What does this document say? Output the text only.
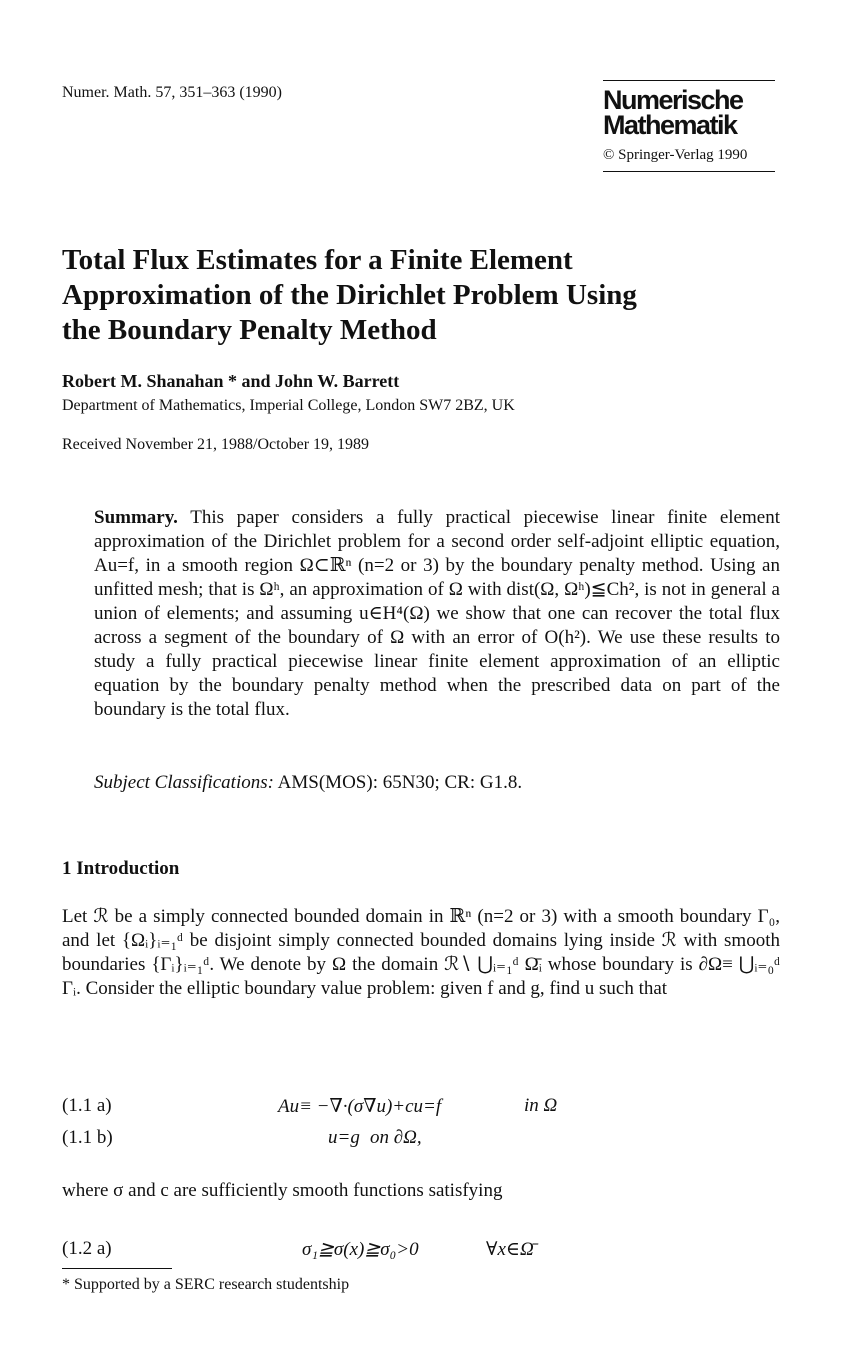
Numer. Math. 57, 351–363 (1990)	Numerische
Mathematik
© Springer-Verlag 1990
Total Flux Estimates for a Finite Element
Approximation of the Dirichlet Problem Using
the Boundary Penalty Method
Robert M. Shanahan * and John W. Barrett
Department of Mathematics, Imperial College, London SW7 2BZ, UK
Received November 21, 1988/October 19, 1989
Summary. This paper considers a fully practical piecewise linear finite element approximation of the Dirichlet problem for a second order self-adjoint elliptic equation, Au=f, in a smooth region Ω⊂ℝⁿ (n=2 or 3) by the boundary penalty method. Using an unfitted mesh; that is Ωʰ, an approximation of Ω with dist(Ω, Ωʰ)≦Ch², is not in general a union of elements; and assuming u∈H⁴(Ω) we show that one can recover the total flux across a segment of the boundary of Ω with an error of O(h²). We use these results to study a fully practical piecewise linear finite element approximation of an elliptic equation by the boundary penalty method when the prescribed data on part of the boundary is the total flux.
Subject Classifications: AMS(MOS): 65N30; CR: G1.8.
1 Introduction
Let ℛ be a simply connected bounded domain in ℝⁿ (n=2 or 3) with a smooth boundary Γ₀, and let {Ωᵢ}ᵢ₌₁ᵈ be disjoint simply connected bounded domains lying inside ℛ with smooth boundaries {Γᵢ}ᵢ₌₁ᵈ. We denote by Ω the domain ℛ∖ ⋃ᵢ₌₁ᵈ Ω̄ᵢ whose boundary is ∂Ω≡ ⋃ᵢ₌₀ᵈ Γᵢ. Consider the elliptic boundary value problem: given f and g, find u such that
(1.1 a)	Au≡ −∇·(σ∇u)+cu=f	in Ω
(1.1 b)	u=g on ∂Ω,
where σ and c are sufficiently smooth functions satisfying
(1.2 a)	σ₁≧σ(x)≧σ₀>0	∀x∈Ω̄
* Supported by a SERC research studentship
